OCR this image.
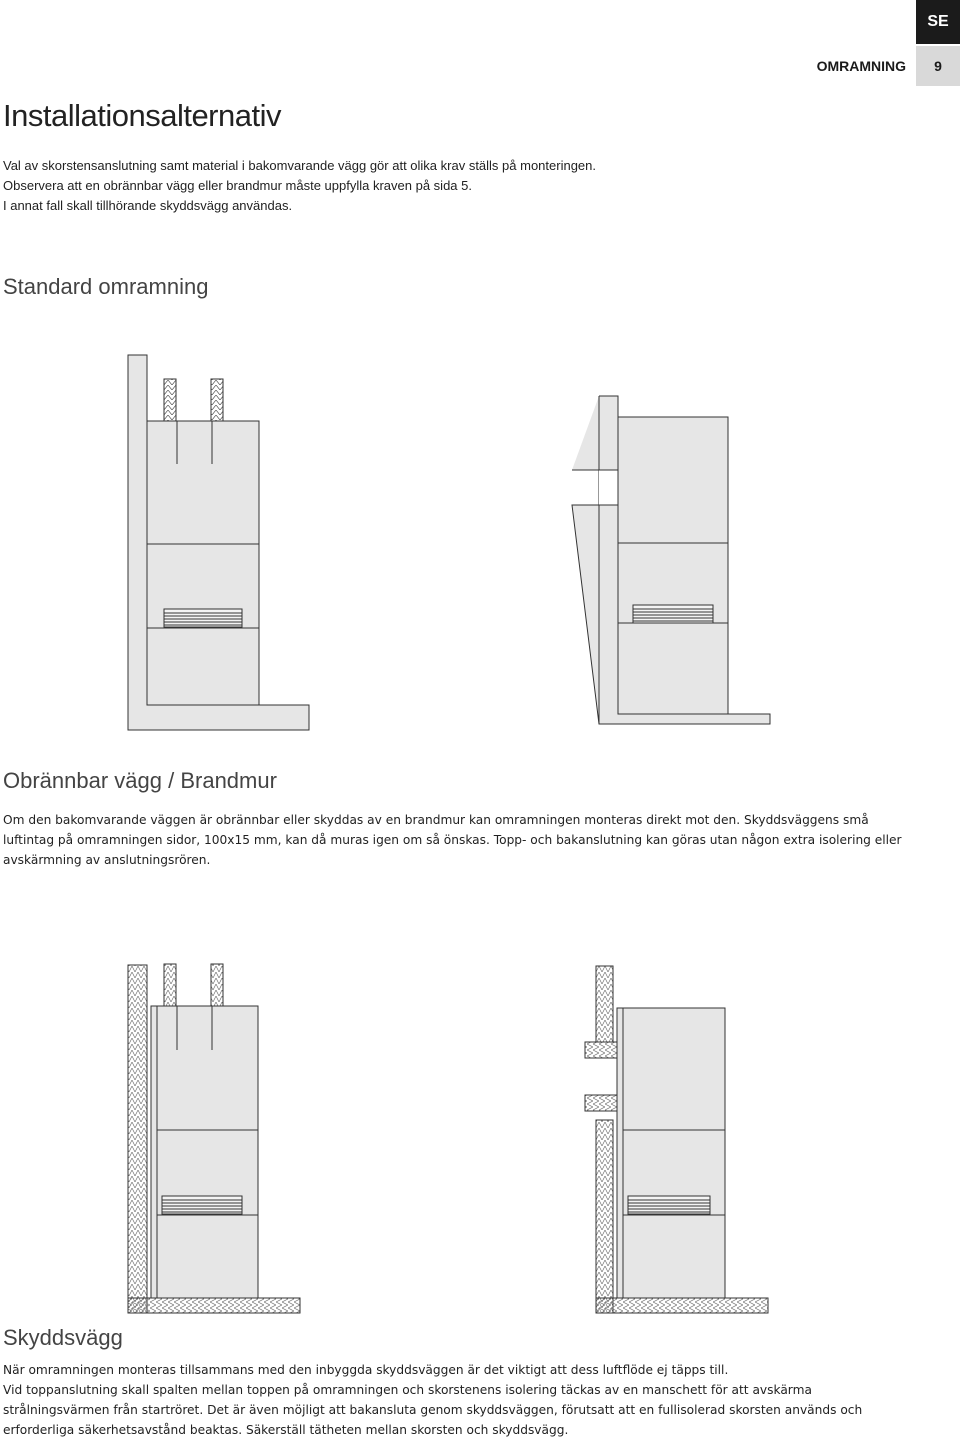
SE
OMRAMNING	9
Installationsalternativ

Val av skorstensanslutning samt material i bakomvarande vägg gör att olika krav ställs på monteringen.

Observera att en obrännbar vägg eller brandmur måste uppfylla kraven på sida 5.

I annat fall skall tillhörande skyddsvägg användas.

Standard omramning
Obrännbar vägg / Brandmur
Om den bakomvarande väggen är obrännbar eller skyddas av en brandmur kan omramningen monteras direkt mot den. Skyddsväggens små
luftintag på omramningen sidor, 100x15 mm, kan då muras igen om så önskas. Topp- och bakanslutning kan göras utan någon extra isolering eller
avskärmning av anslutningsrören.
Skyddsvägg
När omramningen monteras tillsammans med den inbyggda skyddsväggen är det viktigt att dess luftflöde ej täpps till.
Vid toppanslutning skall spalten mellan toppen på omramningen och skorstenens isolering täckas av en manschett för att avskärma
strålningsvärmen från startröret. Det är även möjligt att bakansluta genom skyddsväggen, förutsatt att en fullisolerad skorsten används och
erforderliga säkerhetsavstånd beaktas. Säkerställ tätheten mellan skorsten och skyddsvägg.
